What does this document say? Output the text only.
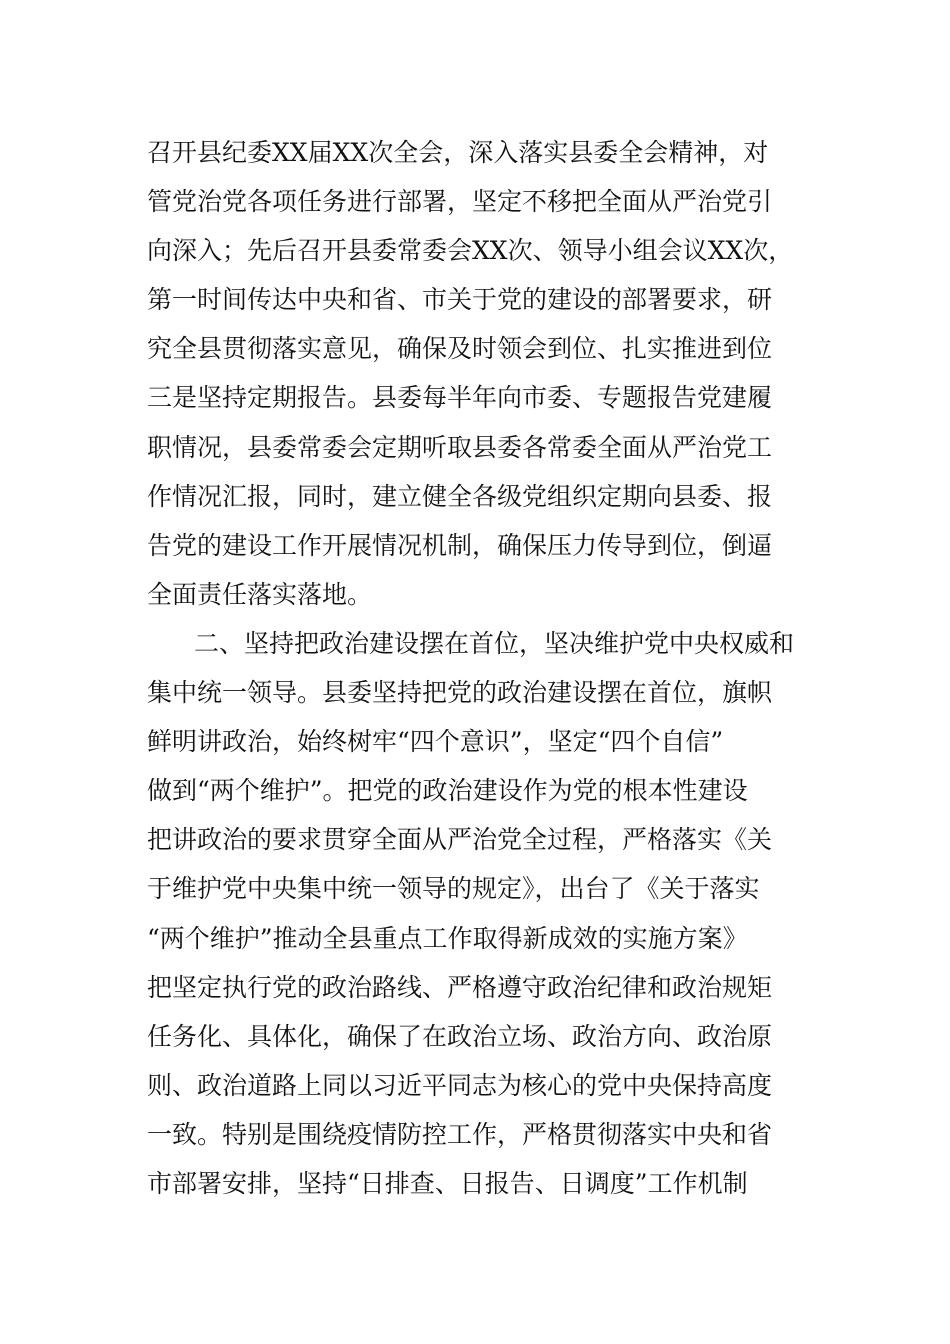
召开县纪委XX届XX次全会，深入落实县委全会精神，对
管党治党各项任务进行部署，坚定不移把全面从严治党引
向深入；先后召开县委常委会XX次、领导小组会议XX次，
第一时间传达中央和省、市关于党的建设的部署要求，研
究全县贯彻落实意见，确保及时领会到位、扎实推进到位
三是坚持定期报告。县委每半年向市委、专题报告党建履
职情况，县委常委会定期听取县委各常委全面从严治党工
作情况汇报，同时，建立健全各级党组织定期向县委、报
告党的建设工作开展情况机制，确保压力传导到位，倒逼
全面责任落实落地。
二、坚持把政治建设摆在首位，坚决维护党中央权威和
集中统一领导。县委坚持把党的政治建设摆在首位，旗帜
鲜明讲政治，始终树牢“四个意识”，坚定“四个自信”
做到“两个维护”。把党的政治建设作为党的根本性建设
把讲政治的要求贯穿全面从严治党全过程，严格落实《关
于维护党中央集中统一领导的规定》，出台了《关于落实
“两个维护”推动全县重点工作取得新成效的实施方案》
把坚定执行党的政治路线、严格遵守政治纪律和政治规矩
任务化、具体化，确保了在政治立场、政治方向、政治原
则、政治道路上同以习近平同志为核心的党中央保持高度
一致。特别是围绕疫情防控工作，严格贯彻落实中央和省
市部署安排，坚持“日排查、日报告、日调度”工作机制
